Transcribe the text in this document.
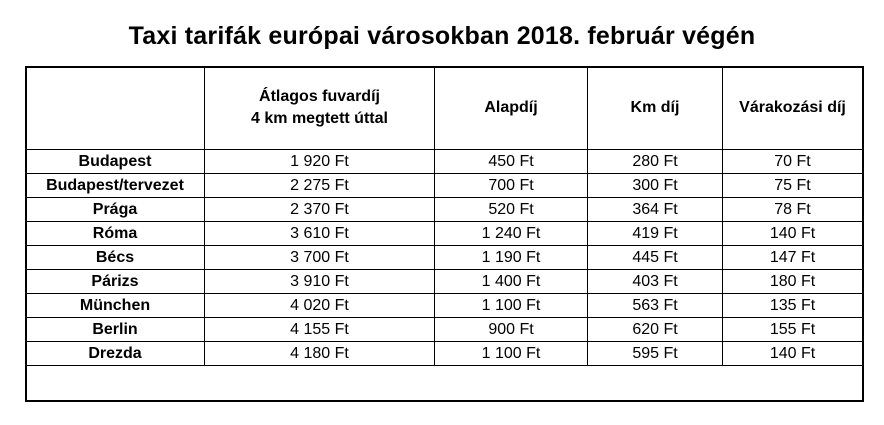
Taxi tarifák európai városokban 2018. február végén

	Átlagos fuvardíj
4 km megtett úttal	Alapdíj	Km díj	Várakozási díj
Budapest	1 920 Ft	450 Ft	280 Ft	70 Ft
Budapest/tervezet	2 275 Ft	700 Ft	300 Ft	75 Ft
Prága	2 370 Ft	520 Ft	364 Ft	78 Ft
Róma	3 610 Ft	1 240 Ft	419 Ft	140 Ft
Bécs	3 700 Ft	1 190 Ft	445 Ft	147 Ft
Párizs	3 910 Ft	1 400 Ft	403 Ft	180 Ft
München	4 020 Ft	1 100 Ft	563 Ft	135 Ft
Berlin	4 155 Ft	900 Ft	620 Ft	155 Ft
Drezda	4 180 Ft	1 100 Ft	595 Ft	140 Ft
